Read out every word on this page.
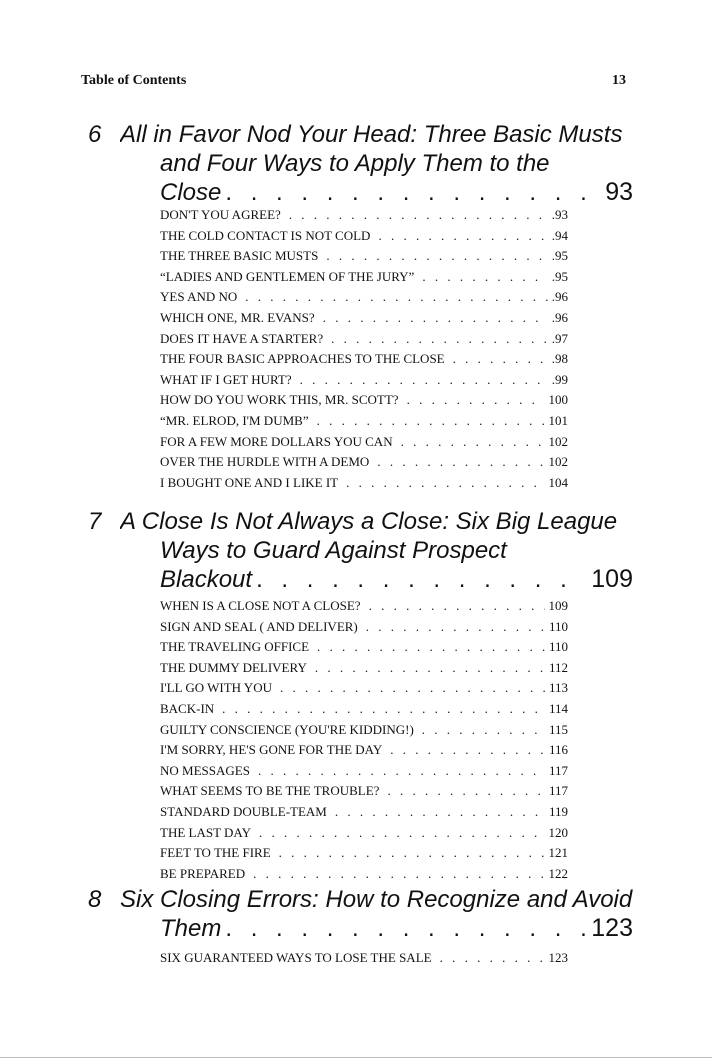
Table of Contents	13
6 All in Favor Nod Your Head: Three Basic Musts
and Four Ways to Apply Them to the
Close . . .	93
DON'T YOU AGREE? . . .	.93
THE COLD CONTACT IS NOT COLD . . .	.94
THE THREE BASIC MUSTS . . .	.95
“LADIES AND GENTLEMEN OF THE JURY” . . .	.95
YES AND NO . . .	.96
WHICH ONE, MR. EVANS? . . .	.96
DOES IT HAVE A STARTER? . . .	.97
THE FOUR BASIC APPROACHES TO THE CLOSE . . .	.98
WHAT IF I GET HURT? . . .	.99
HOW DO YOU WORK THIS, MR. SCOTT? . . .	100
“MR. ELROD, I'M DUMB” . . .	101
FOR A FEW MORE DOLLARS YOU CAN . . .	102
OVER THE HURDLE WITH A DEMO . . .	102
I BOUGHT ONE AND I LIKE IT . . .	104
7 A Close Is Not Always a Close: Six Big League
Ways to Guard Against Prospect
Blackout . . .	109
WHEN IS A CLOSE NOT A CLOSE? . . .	109
SIGN AND SEAL ( AND DELIVER) . . .	110
THE TRAVELING OFFICE . . .	110
THE DUMMY DELIVERY . . .	112
I'LL GO WITH YOU . . .	113
BACK-IN . . .	114
GUILTY CONSCIENCE (YOU'RE KIDDING!) . . .	115
I'M SORRY, HE'S GONE FOR THE DAY . . .	116
NO MESSAGES . . .	117
WHAT SEEMS TO BE THE TROUBLE? . . .	117
STANDARD DOUBLE-TEAM . . .	119
THE LAST DAY . . .	120
FEET TO THE FIRE . . .	121
BE PREPARED . . .	122
8 Six Closing Errors: How to Recognize and Avoid
Them . . .	123
SIX GUARANTEED WAYS TO LOSE THE SALE . . .	123
